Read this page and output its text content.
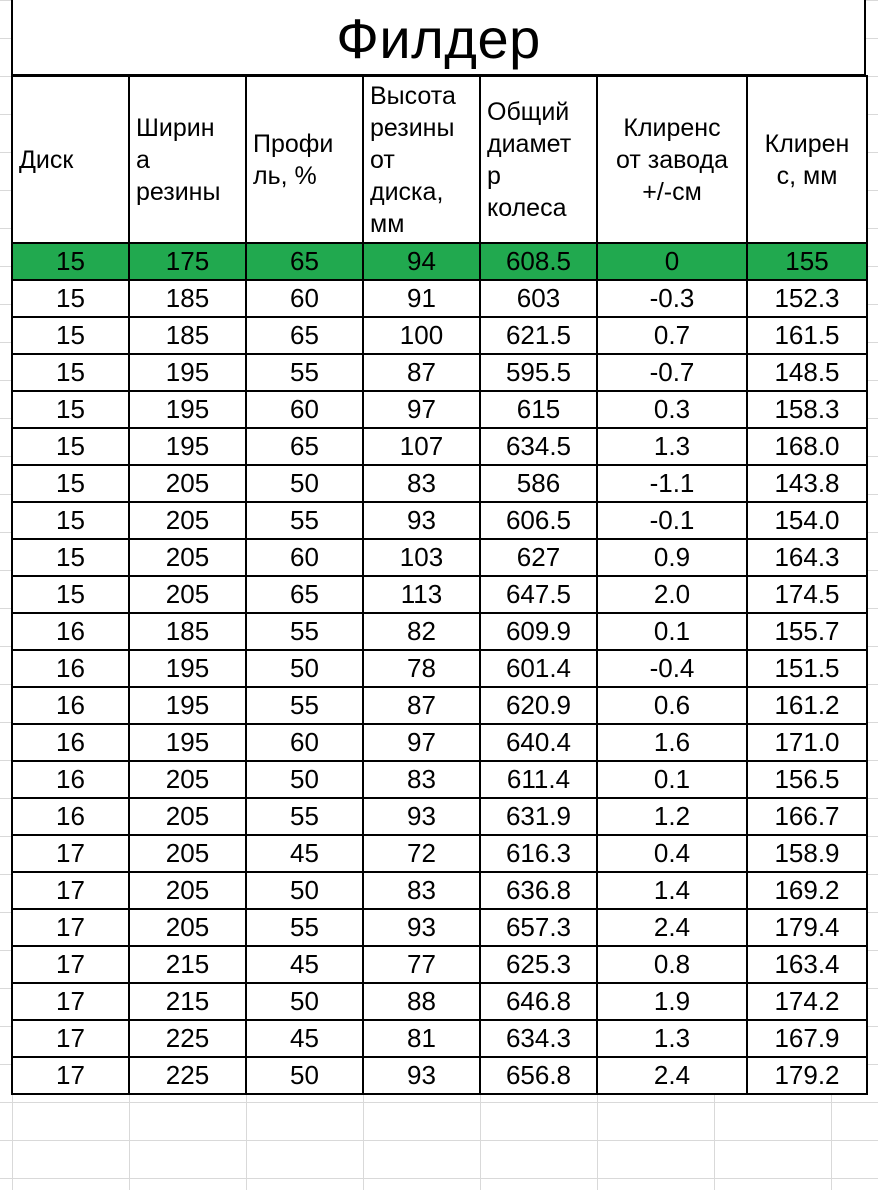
Филдер
Диск	Ширин
а
резины	Профи
ль, %	Высота
резины
от
диска,
мм	Общий
диамет
р
колеса	Клиренс
от завода
+/-см	Клирен
с, мм
15	175	65	94	608.5	0	155
15	185	60	91	603	-0.3	152.3
15	185	65	100	621.5	0.7	161.5
15	195	55	87	595.5	-0.7	148.5
15	195	60	97	615	0.3	158.3
15	195	65	107	634.5	1.3	168.0
15	205	50	83	586	-1.1	143.8
15	205	55	93	606.5	-0.1	154.0
15	205	60	103	627	0.9	164.3
15	205	65	113	647.5	2.0	174.5
16	185	55	82	609.9	0.1	155.7
16	195	50	78	601.4	-0.4	151.5
16	195	55	87	620.9	0.6	161.2
16	195	60	97	640.4	1.6	171.0
16	205	50	83	611.4	0.1	156.5
16	205	55	93	631.9	1.2	166.7
17	205	45	72	616.3	0.4	158.9
17	205	50	83	636.8	1.4	169.2
17	205	55	93	657.3	2.4	179.4
17	215	45	77	625.3	0.8	163.4
17	215	50	88	646.8	1.9	174.2
17	225	45	81	634.3	1.3	167.9
17	225	50	93	656.8	2.4	179.2
